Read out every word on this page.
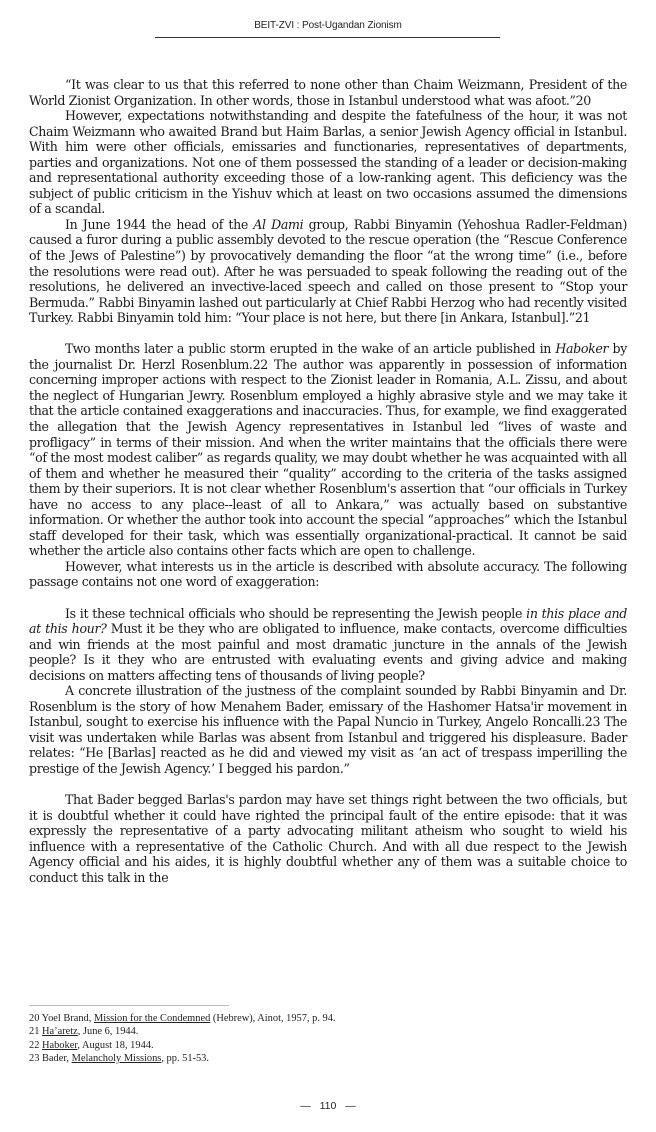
BEIT-ZVI : Post-Ugandan Zionism

“It was clear to us that this referred to none other than Chaim Weizmann, President of the World Zionist Organization. In other words, those in Istanbul understood what was afoot.”20

However, expectations notwithstanding and despite the fatefulness of the hour, it was not Chaim Weizmann who awaited Brand but Haim Barlas, a senior Jewish Agency official in Istanbul. With him were other officials, emissaries and functionaries, representatives of departments, parties and organizations. Not one of them possessed the standing of a leader or decision-making and representational authority exceeding those of a low-ranking agent. This deficiency was the subject of public criticism in the Yishuv which at least on two occasions assumed the dimensions of a scandal.

In June 1944 the head of the Al Dami group, Rabbi Binyamin (Yehoshua Radler-Feldman) caused a furor during a public assembly devoted to the rescue operation (the “Rescue Conference of the Jews of Palestine”) by provocatively demanding the floor “at the wrong time” (i.e., before the resolutions were read out). After he was persuaded to speak following the reading out of the resolutions, he delivered an invective-laced speech and called on those present to “Stop your Bermuda.” Rabbi Binyamin lashed out particularly at Chief Rabbi Herzog who had recently visited Turkey. Rabbi Binyamin told him: “Your place is not here, but there [in Ankara, Istanbul].”21

Two months later a public storm erupted in the wake of an article published in Haboker by the journalist Dr. Herzl Rosenblum.22 The author was apparently in possession of information concerning improper actions with respect to the Zionist leader in Romania, A.L. Zissu, and about the neglect of Hungarian Jewry. Rosenblum employed a highly abrasive style and we may take it that the article contained exaggerations and inaccuracies. Thus, for example, we find exaggerated the allegation that the Jewish Agency representatives in Istanbul led “lives of waste and profligacy” in terms of their mission. And when the writer maintains that the officials there were “of the most modest caliber” as regards quality, we may doubt whether he was acquainted with all of them and whether he measured their “quality” according to the criteria of the tasks assigned them by their superiors. It is not clear whether Rosenblum's assertion that “our officials in Turkey have no access to any place--least of all to Ankara,” was actually based on substantive information. Or whether the author took into account the special “approaches” which the Istanbul staff developed for their task, which was essentially organizational-practical. It cannot be said whether the article also contains other facts which are open to challenge.

However, what interests us in the article is described with absolute accuracy. The following passage contains not one word of exaggeration:

Is it these technical officials who should be representing the Jewish people in this place and at this hour? Must it be they who are obligated to influence, make contacts, overcome difficulties and win friends at the most painful and most dramatic juncture in the annals of the Jewish people? Is it they who are entrusted with evaluating events and giving advice and making decisions on matters affecting tens of thousands of living people?

A concrete illustration of the justness of the complaint sounded by Rabbi Binyamin and Dr. Rosenblum is the story of how Menahem Bader, emissary of the Hashomer Hatsa'ir movement in Istanbul, sought to exercise his influence with the Papal Nuncio in Turkey, Angelo Roncalli.23 The visit was undertaken while Barlas was absent from Istanbul and triggered his displeasure. Bader relates: “He [Barlas] reacted as he did and viewed my visit as ‘an act of trespass imperilling the prestige of the Jewish Agency.’ I begged his pardon.”

That Bader begged Barlas's pardon may have set things right between the two officials, but it is doubtful whether it could have righted the principal fault of the entire episode: that it was expressly the representative of a party advocating militant atheism who sought to wield his influence with a representative of the Catholic Church. And with all due respect to the Jewish Agency official and his aides, it is highly doubtful whether any of them was a suitable choice to conduct this talk in the

20 Yoel Brand, Mission for the Condemned (Hebrew), Ainot, 1957, p. 94.
21 Ha’aretz, June 6, 1944.
22 Haboker, August 18, 1944.
23 Bader, Melancholy Missions, pp. 51-53.
— 110 —
